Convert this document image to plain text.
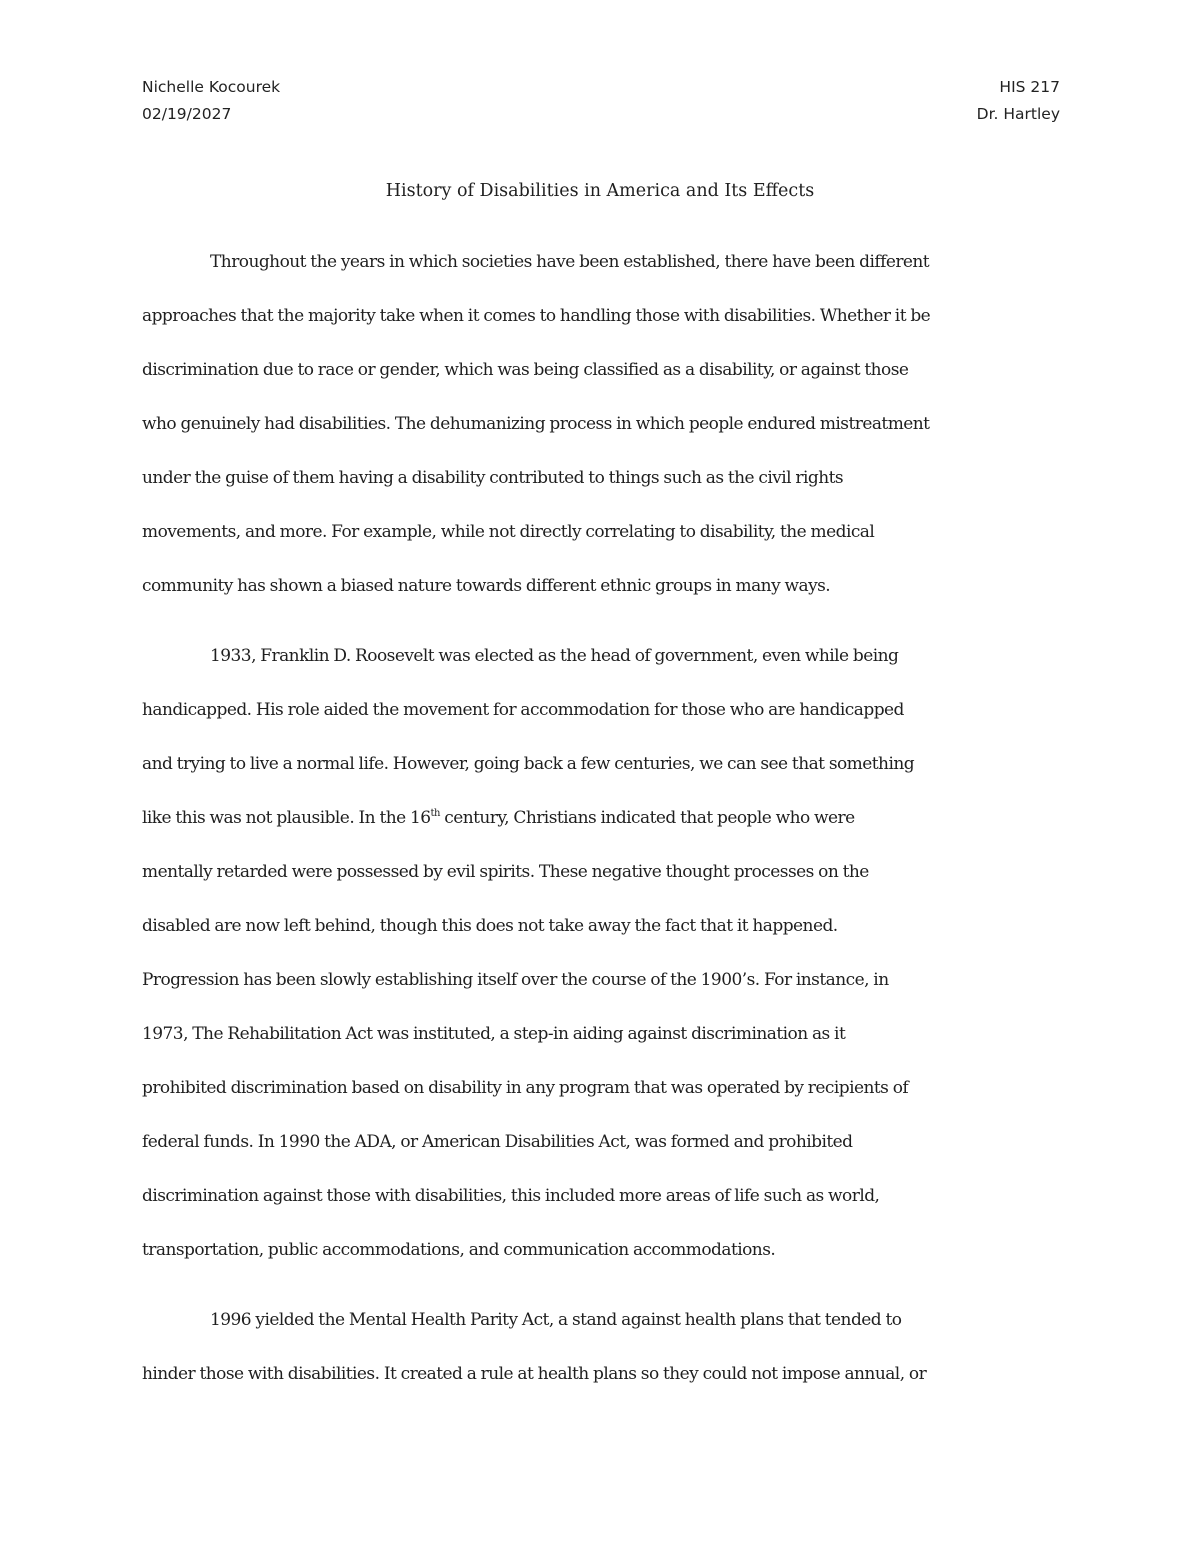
Nichelle Kocourek
02/19/2027
HIS 217
Dr. Hartley
History of Disabilities in America and Its Effects
Throughout the years in which societies have been established, there have been different
approaches that the majority take when it comes to handling those with disabilities. Whether it be
discrimination due to race or gender, which was being classified as a disability, or against those
who genuinely had disabilities. The dehumanizing process in which people endured mistreatment
under the guise of them having a disability contributed to things such as the civil rights
movements, and more. For example, while not directly correlating to disability, the medical
community has shown a biased nature towards different ethnic groups in many ways.
1933, Franklin D. Roosevelt was elected as the head of government, even while being
handicapped. His role aided the movement for accommodation for those who are handicapped
and trying to live a normal life. However, going back a few centuries, we can see that something
like this was not plausible. In the 16th century, Christians indicated that people who were
mentally retarded were possessed by evil spirits. These negative thought processes on the
disabled are now left behind, though this does not take away the fact that it happened.
Progression has been slowly establishing itself over the course of the 1900’s. For instance, in
1973, The Rehabilitation Act was instituted, a step-in aiding against discrimination as it
prohibited discrimination based on disability in any program that was operated by recipients of
federal funds. In 1990 the ADA, or American Disabilities Act, was formed and prohibited
discrimination against those with disabilities, this included more areas of life such as world,
transportation, public accommodations, and communication accommodations.
1996 yielded the Mental Health Parity Act, a stand against health plans that tended to
hinder those with disabilities. It created a rule at health plans so they could not impose annual, or
